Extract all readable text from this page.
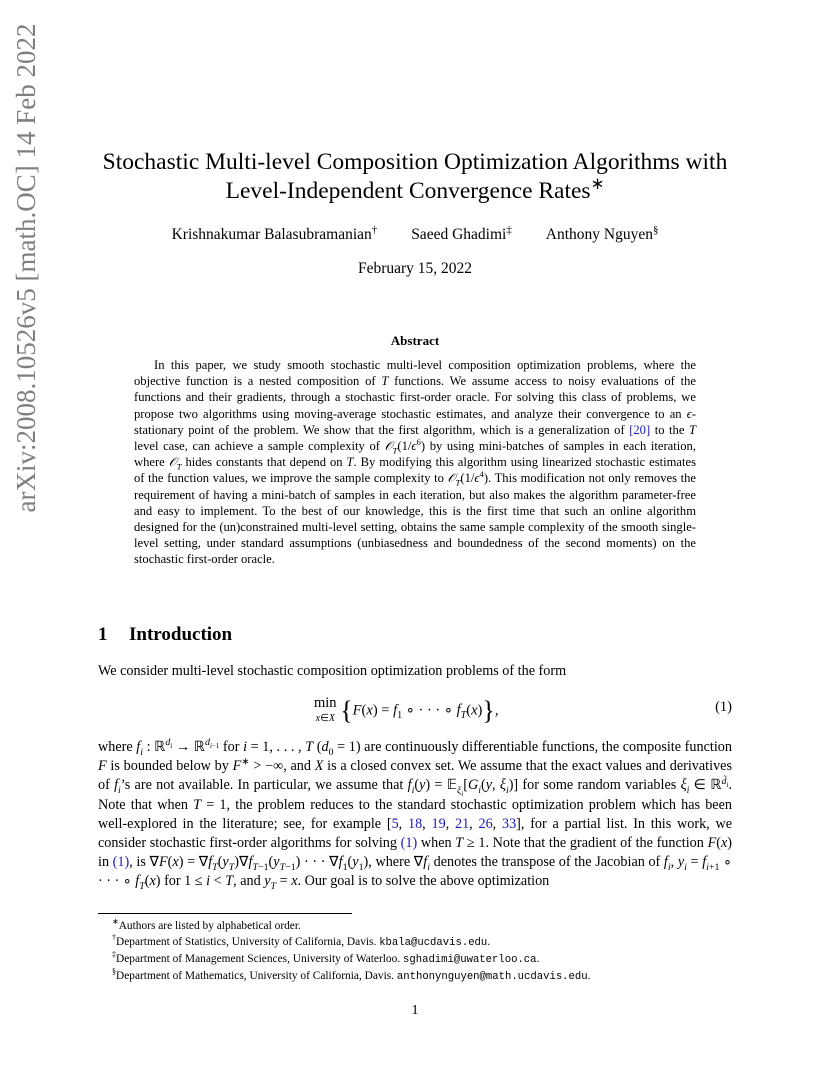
arXiv:2008.10526v5 [math.OC] 14 Feb 2022	Stochastic Multi-level Composition Optimization Algorithms with
Level-Independent Convergence Rates∗
Krishnakumar Balasubramanian† Saeed Ghadimi‡ Anthony Nguyen§
February 15, 2022
Abstract

In this paper, we study smooth stochastic multi-level composition optimization problems, where the objective function is a nested composition of T functions. We assume access to noisy evaluations of the functions and their gradients, through a stochastic first-order oracle. For solving this class of problems, we propose two algorithms using moving-average stochastic estimates, and analyze their convergence to an ϵ-stationary point of the problem. We show that the first algorithm, which is a generalization of [20] to the T level case, can achieve a sample complexity of $𝒪_T(1/\epsilon^6)$ by using mini-batches of samples in each iteration, where 𝒪$_T$ hides constants that depend on T. By modifying this algorithm using linearized stochastic estimates of the function values, we improve the sample complexity to $𝒪_T(1/\epsilon^4)$. This modification not only removes the requirement of having a mini-batch of samples in each iteration, but also makes the algorithm parameter-free and easy to implement. To the best of our knowledge, this is the first time that such an online algorithm designed for the (un)constrained multi-level setting, obtains the same sample complexity of the smooth single-level setting, under standard assumptions (unbiasedness and boundedness of the second moments) on the stochastic first-order oracle.

1 Introduction

We consider multi-level stochastic composition optimization problems of the form

min
x∈X {$F(x) = f_1$ ∘ · · · ∘ $f_T(x)$},	(1)

where $f_i$ : ℝ$^{d_i}$ → ℝ$^{d_{i-1}}$ for i = 1, . . . , T $(d_0 = 1)$ are continuously differentiable functions, the composite function F is bounded below by F∗ > −∞, and X is a closed convex set. We assume that the exact values and derivatives of $f_i’s$ are not available. In particular, we assume that $f_i(y)$ = $𝔼_{\xi_i}[G_i(y$, $\xi_i$)] for some random variables $\xi_i$ ∈ ℝ$^{d̃_i}$. Note that when T = 1, the problem reduces to the standard stochastic optimization problem which has been well-explored in the literature; see, for example [5, 18, 19, 21, 26, 33], for a partial list. In this work, we consider stochastic first-order algorithms for solving (1) when T ≥ 1. Note that the gradient of the function F(x) in (1), is $\nabla F(x) = \nabla f_T(y_T)\nabla f_{T-1}(y_{T-1})$ · · · $\nabla f_1(y_1)$, where $\nabla f_i$ denotes the transpose of the Jacobian of $f_i$, $y_i = f_{i+1}$ ∘ · · · ∘ $f_T(x)$ for 1 ≤ i < T, and $y_T = x$. Our goal is to solve the above optimization

∗Authors are listed by alphabetical order.
†Department of Statistics, University of California, Davis. kbala@ucdavis.edu.
‡Department of Management Sciences, University of Waterloo. sghadimi@uwaterloo.ca.
§Department of Mathematics, University of California, Davis. anthonynguyen@math.ucdavis.edu.
1
